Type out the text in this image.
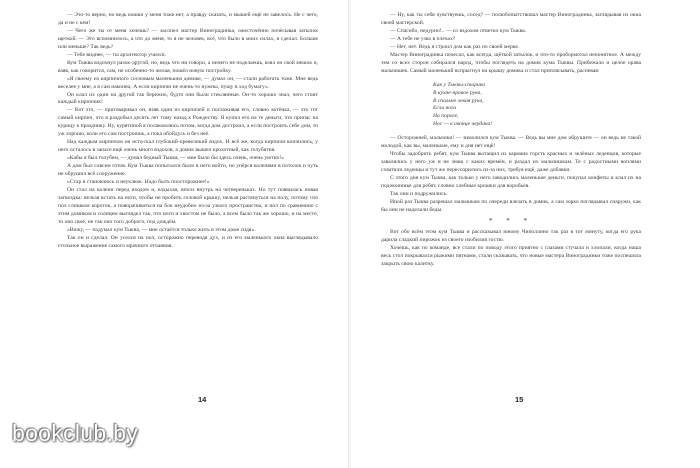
— Это-то верно, но ведь кошки у меня тоже нет, а правду сказать, и мышей ещё не завелось. Не с чего, да и не с кем!

— Чего же ты от меня хочешь? — засопел мастер Виноградинка, ожесточённо почёсывая затылок щеткой. — Это вспомнилось, а что до меня, то я не человек, всё, что было в моих силах, я сделал. Больше или меньше? Так ведь?

— Тебе виднее, — ты архитектор учился.

Кум Тыква вздохнул разок-другой, но, ведь что ни говори, а ничего не поделаешь, взял он свой мешок и, взяв, как говорится, сам, не особенно-то желая, пошёл новую постройку.

«Я своему из кирпичного сосновым маленьким домике, — думал он, — стали работать тоже. Мне ведь веселее у мне, а я сам наконец. А если кирпичи не очень-то нужны, пущу в ход бумагу».

Он клал их один на другой так бережно, будто они были стеклянные. Он-то хорошо знал, чего стоит каждый кирпичик!

— Вот это, — приговаривал он, взяв один из кирпичей и поглаживая его, словно котёнка, — это тот самый кирпич, что я раздобыл десять лет тому назад к Рождеству. Я купил его на те деньги, что припас на курицу к празднику. Ну, курятиной я полакомлюсь потом, когда дом достроил, а если построить себе дом, то уж хорошо, коли его сам построишь, а пока обойдусь и без неё.

Над каждым кирпичом он испускал глубокий-превеликий вздох. И всё же, когда кирпичи кончились, у него осталось в запасе ещё очень много вздохов, а домик вышел крохотный, как голубятня.

«Кабы я был голубем, — думал бедный Тыква, — мне было бы здесь очень, очень уютно!»

А дом был совсем готов. Кум Тыква попытался было в него войти, но упёрся коленями в потолок и чуть не обрушил всё сооружение.

«Стар я становлюсь и неуклюж. Надо быть поосторожнее!»

Он стал на колени перед входом и, вздыхая, вполз внутрь на четвереньках. Но тут появилась новая загвоздка: нельзя встать на ноги, чтобы не пробить головой крышу, нельзя растянуться на полу, потому что пол слишком короток, а поворачиваться на бок неудобно из-за узкого пространства, и пол по сравнению с этим домиком и солнцем выглядел так, что ноги и хвостом не было, а всем было так же хорошо, и на месте, то оно своё, не так оно того доброго, под дождём.

«Вижу, — подумал кум Тыква, — мне остаётся только жить в этом доме сидя».

Так он и сделал. Он уселся на пол, осторожно переводя дух, и из его маленького окна выглядывало стольное выражение самого мрачного отчаяния.

14

— Ну, как ты себя чувствуешь, сосед? — полюбопытствовал мастер Виноградинка, заглядывая из окна своей мастерской.

— Спасибо, недурно!.. — со вздохом ответил кум Тыква.

— А тебе не узко в плечах?

— Нет, нет. Ведь я строил дом как раз по своей мерке.

Мастер Виноградинка почесал, как всегда, щёткой затылок, и что-то пробормотал непонятное. А между тем со всех сторон собирался народ, чтобы поглядеть на домик кума Тыквы. Прибежало и целое орава мальчишек. Самый маленький вспрыгнул на крышу домика и стал приплясывать, распевая:

Как у Тыквы-старика

В кухне-правое рука,

В спальне левая рука,

Если ноги

На пороге,

Нос — в оконце чердака!

— Осторожней, мальчики! — взмолился кум Тыква. — Ведь вы мне дом обрушите — он ведь не такой молодой, как вы, маленькие, ему и дня нет ещё!

Чтобы задобрить ребят, кум Тыква вытащил из кармана горсть красных и зелёных леденцов, которые завалялись у него уж и не знаю с каких времён, и раздал их мальчишкам. Те с радостными воплями схватили леденцы и тут же перессорились из-за них, требуя ещё, даже добавки.

С этого дня кум Тыква, как только у него заводились маленькие деньги, покупал конфеты и клал их на подоконнике для ребят, словно хлебные крошки для воробьёв.

Так они и подружились.

Иной раз Тыква разрешал мальчикам по очереди влезать в домик, а сам зорко поглядывал снаружи, как бы они не наделали беды.

* * *

Вот обо всём этом кум Тыква и рассказывал юному Чиполлино так раз в тот минуту, когда его рука дарила сладкий пирожок из своего изобилия гостю.

Хочешь, как по команде, все стали по поводу этого приятно с глазами стучала и хлопали, когда наша весь стол покрывался рыжими пятнами, стали сказывать, что новые мастера Виноградинки тоже поспешила закрыть свою калитку.

15
bookclub.by
